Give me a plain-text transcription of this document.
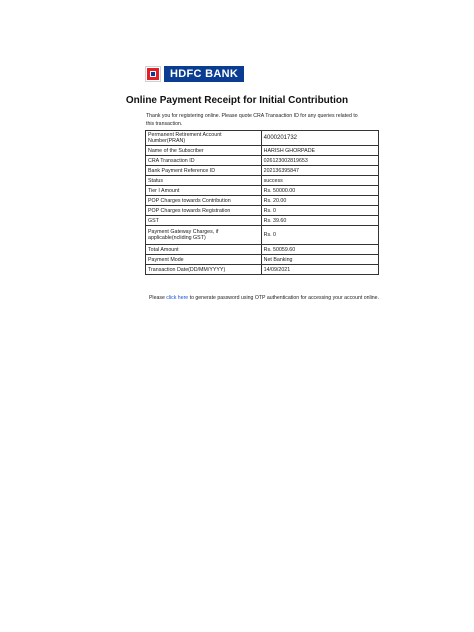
HDFC BANK
Online Payment Receipt for Initial Contribution
Thank you for registering online. Please quote CRA Transaction ID for any queries related to this transaction.
Permanent Retirement Account Number(PRAN)	4000201732
Name of the Subscriber	HARISH GHORPADE
CRA Transaction ID	026123002819653
Bank Payment Reference ID	202136395847
Status	success
Tier I Amount	Rs. 50000.00
POP Charges towards Contribution	Rs. 20.00
POP Charges towards Registration	Rs. 0
GST	Rs. 39.60
Payment Gateway Charges, if applicable(ncliding GST)	Rs. 0
Total Amount	Rs. 50059.60
Payment Mode	Net Banking
Transaction Date(DD/MM/YYYY)	14/09/2021
Please click here to generate password using OTP authentication for accessing your account online.
